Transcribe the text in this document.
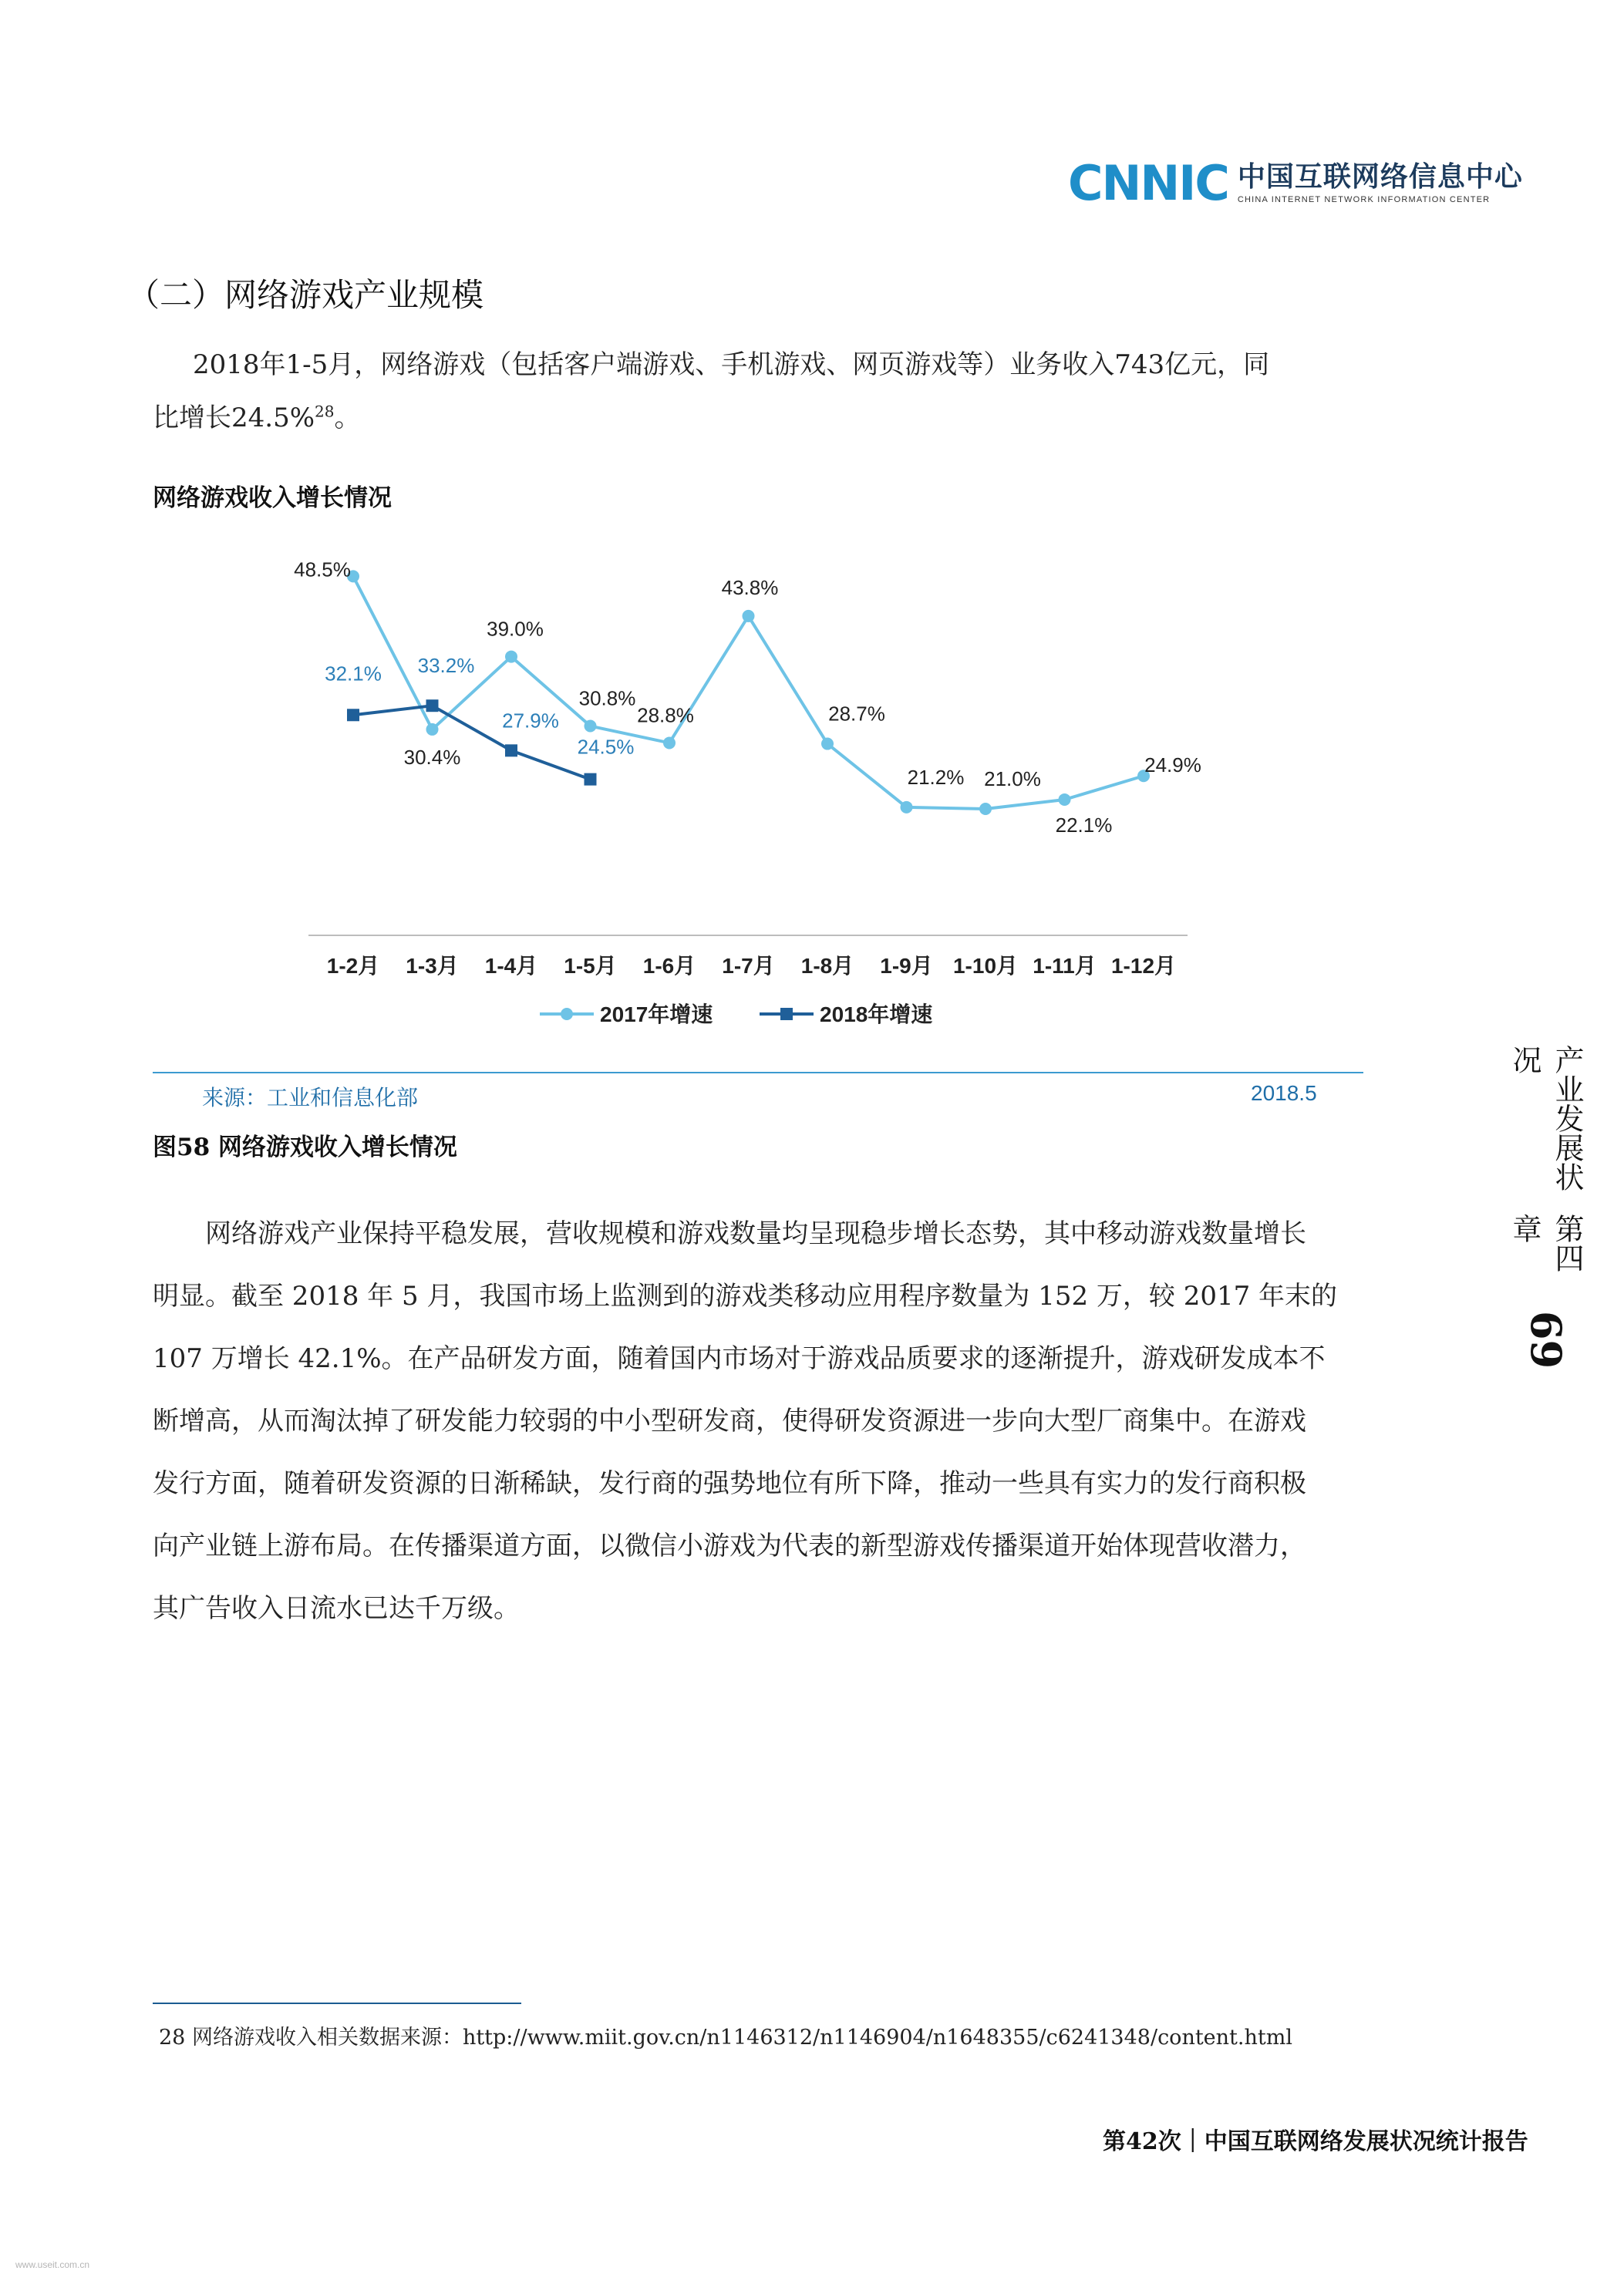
CNNIC 中国互联网络信息中心
CHINA INTERNET NETWORK INFORMATION CENTER
（二）网络游戏产业规模
2018年1-5月，网络游戏（包括客户端游戏、手机游戏、网页游戏等）业务收入743亿元，同
比增长24.5%$^{28}$。
网络游戏收入增长情况
1-2月 1-3月 1-4月 1-5月 1-6月 1-7月 1-8月 1-9月 1-10月 1-11月 1-12月
48.5%
30.4%
39.0%
30.8%
28.8%
43.8%
28.7%
21.2% 21.0%
22.1%
24.9%
32.1% 33.2%
27.9%
24.5%
2017年增速	2018年增速
来源：工业和信息化部	2018.5
图58 网络游戏收入增长情况

网络游戏产业保持平稳发展，营收规模和游戏数量均呈现稳步增长态势，其中移动游戏数量增长

明显。截至 2018 年 5 月，我国市场上监测到的游戏类移动应用程序数量为 152 万，较 2017 年末的

107 万增长 42.1%。在产品研发方面，随着国内市场对于游戏品质要求的逐渐提升，游戏研发成本不

断增高，从而淘汰掉了研发能力较弱的中小型研发商，使得研发资源进一步向大型厂商集中。在游戏

发行方面，随着研发资源的日渐稀缺，发行商的强势地位有所下降，推动一些具有实力的发行商积极

向产业链上游布局。在传播渠道方面，以微信小游戏为代表的新型游戏传播渠道开始体现营收潜力，

其广告收入日流水已达千万级。

产业发展状况
第四章
69
28 网络游戏收入相关数据来源：http://www.miit.gov.cn/n1146312/n1146904/n1648355/c6241348/content.html
第42次｜中国互联网络发展状况统计报告
www.useit.com.cn
